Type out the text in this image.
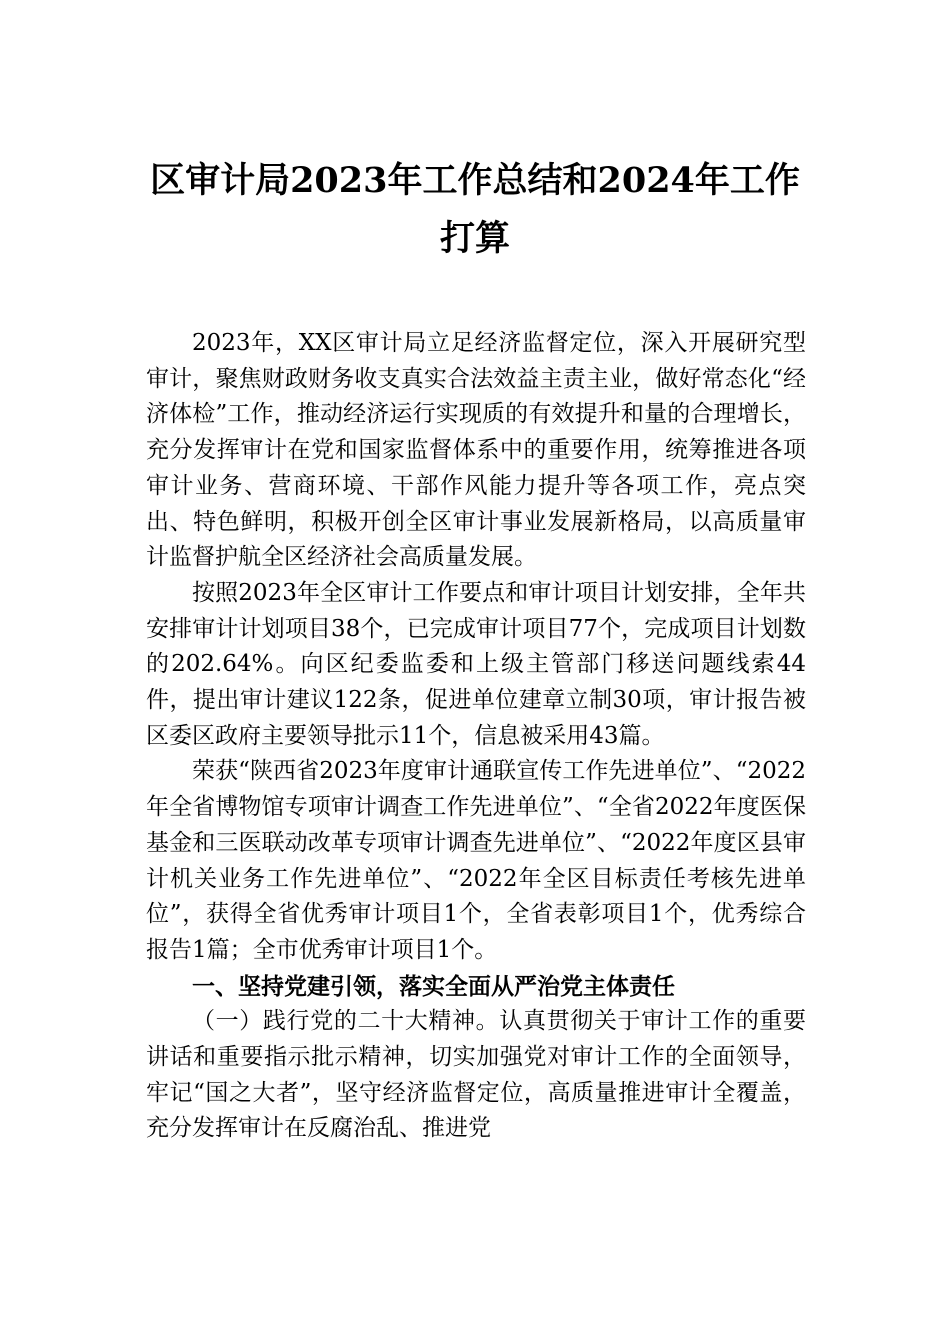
区审计局2023年工作总结和2024年工作打算

2023年，XX区审计局立足经济监督定位，深入开展研究型审计，聚焦财政财务收支真实合法效益主责主业，做好常态化“经济体检”工作，推动经济运行实现质的有效提升和量的合理增长，充分发挥审计在党和国家监督体系中的重要作用，统筹推进各项审计业务、营商环境、干部作风能力提升等各项工作，亮点突出、特色鲜明，积极开创全区审计事业发展新格局，以高质量审计监督护航全区经济社会高质量发展。

按照2023年全区审计工作要点和审计项目计划安排，全年共安排审计计划项目38个，已完成审计项目77个，完成项目计划数的202.64%。向区纪委监委和上级主管部门移送问题线索44件，提出审计建议122条，促进单位建章立制30项，审计报告被区委区政府主要领导批示11个，信息被采用43篇。

荣获“陕西省2023年度审计通联宣传工作先进单位”、“2022年全省博物馆专项审计调查工作先进单位”、“全省2022年度医保基金和三医联动改革专项审计调查先进单位”、“2022年度区县审计机关业务工作先进单位”、“2022年全区目标责任考核先进单位”，获得全省优秀审计项目1个，全省表彰项目1个，优秀综合报告1篇；全市优秀审计项目1个。

一、坚持党建引领，落实全面从严治党主体责任

（一）践行党的二十大精神。认真贯彻关于审计工作的重要讲话和重要指示批示精神，切实加强党对审计工作的全面领导，牢记“国之大者”，坚守经济监督定位，高质量推进审计全覆盖，充分发挥审计在反腐治乱、推进党
